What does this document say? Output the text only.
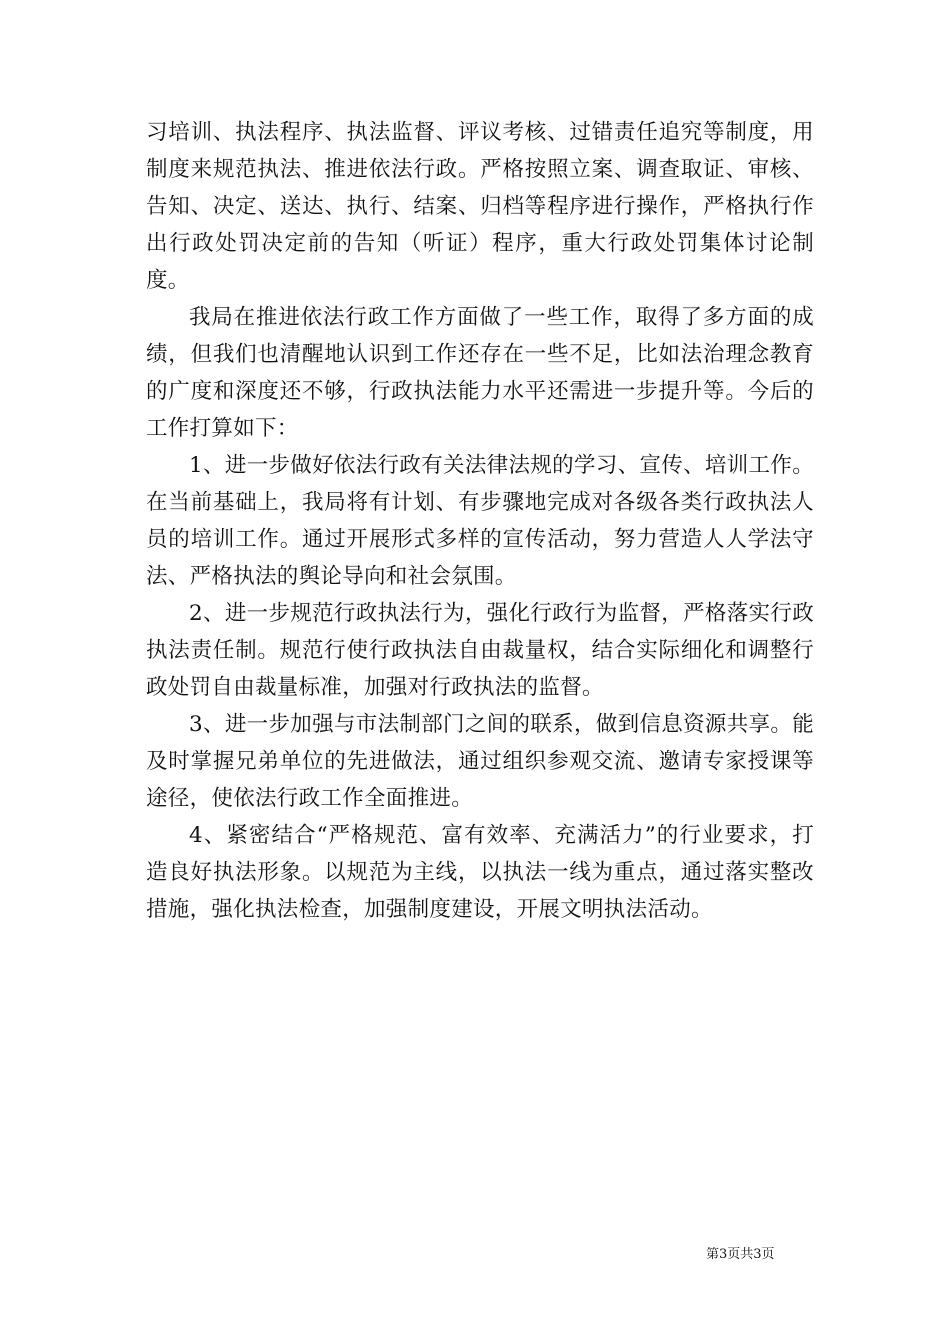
习培训、执法程序、执法监督、评议考核、过错责任追究等制度，用制度来规范执法、推进依法行政。严格按照立案、调查取证、审核、告知、决定、送达、执行、结案、归档等程序进行操作，严格执行作出行政处罚决定前的告知（听证）程序，重大行政处罚集体讨论制度。

我局在推进依法行政工作方面做了一些工作，取得了多方面的成绩，但我们也清醒地认识到工作还存在一些不足，比如法治理念教育的广度和深度还不够，行政执法能力水平还需进一步提升等。今后的工作打算如下：

1、进一步做好依法行政有关法律法规的学习、宣传、培训工作。在当前基础上，我局将有计划、有步骤地完成对各级各类行政执法人员的培训工作。通过开展形式多样的宣传活动，努力营造人人学法守法、严格执法的舆论导向和社会氛围。

2、进一步规范行政执法行为，强化行政行为监督，严格落实行政执法责任制。规范行使行政执法自由裁量权，结合实际细化和调整行政处罚自由裁量标准，加强对行政执法的监督。

3、进一步加强与市法制部门之间的联系，做到信息资源共享。能及时掌握兄弟单位的先进做法，通过组织参观交流、邀请专家授课等途径，使依法行政工作全面推进。

4、紧密结合“严格规范、富有效率、充满活力”的行业要求，打造良好执法形象。以规范为主线，以执法一线为重点，通过落实整改措施，强化执法检查，加强制度建设，开展文明执法活动。

第3页共3页
